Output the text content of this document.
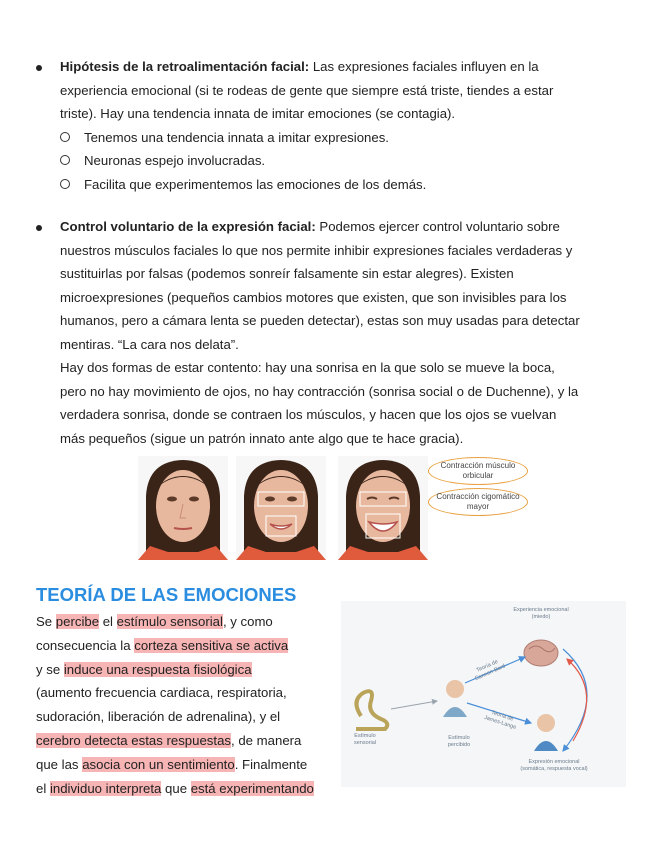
Hipótesis de la retroalimentación facial: Las expresiones faciales influyen en la
experiencia emocional (si te rodeas de gente que siempre está triste, tiendes a estar
triste). Hay una tendencia innata de imitar emociones (se contagia).
Tenemos una tendencia innata a imitar expresiones.
Neuronas espejo involucradas.
Facilita que experimentemos las emociones de los demás.
Control voluntario de la expresión facial: Podemos ejercer control voluntario sobre
nuestros músculos faciales lo que nos permite inhibir expresiones faciales verdaderas y
sustituirlas por falsas (podemos sonreír falsamente sin estar alegres). Existen
microexpresiones (pequeños cambios motores que existen, que son invisibles para los
humanos, pero a cámara lenta se pueden detectar), estas son muy usadas para detectar
mentiras. “La cara nos delata”.
Hay dos formas de estar contento: hay una sonrisa en la que solo se mueve la boca,
pero no hay movimiento de ojos, no hay contracción (sonrisa social o de Duchenne), y la
verdadera sonrisa, donde se contraen los músculos, y hacen que los ojos se vuelvan
más pequeños (sigue un patrón innato ante algo que te hace gracia).
Contracción músculo orbicular
Contracción cigomático mayor
TEORÍA DE LAS EMOCIONES
Se percibe el estímulo sensorial, y como
consecuencia la corteza sensitiva se activa
y se induce una respuesta fisiológica
(aumento frecuencia cardiaca, respiratoria,
sudoración, liberación de adrenalina), y el
cerebro detecta estas respuestas, de manera
que las asocia con un sentimiento. Finalmente
el individuo interpreta que está experimentando
Experiencia emocional (miedo)
Estímulo sensorial
Estímulo percibido
Expresión emocional (somática, respuesta vocal)
Teoría de Cannon-Bard
Teoría de James-Lange
